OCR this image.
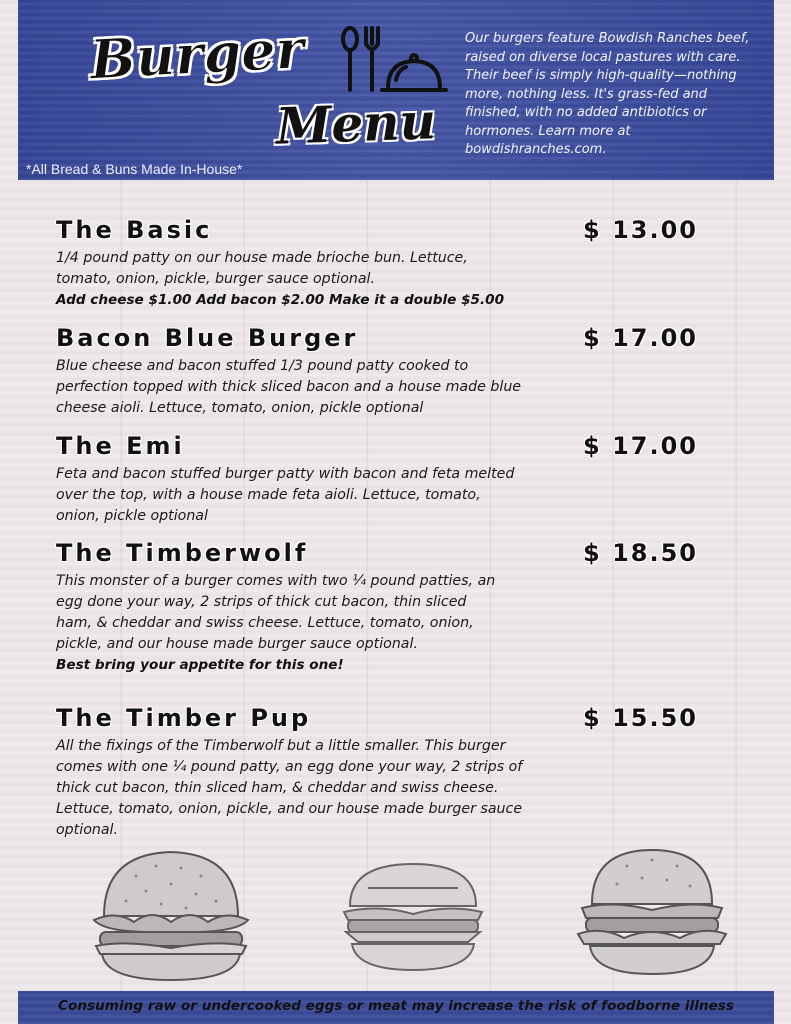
Burger
Menu
Our burgers feature Bowdish Ranches beef, raised on diverse local pastures with care. Their beef is simply high-quality—nothing more, nothing less. It's grass-fed and finished, with no added antibiotics or hormones. Learn more at bowdishranches.com.
*All Bread & Buns Made In-House*
The Basic	$ 13.00
1/4 pound patty on our house made brioche bun. Lettuce, tomato, onion, pickle, burger sauce optional.
Add cheese $1.00 Add bacon $2.00 Make it a double $5.00
Bacon Blue Burger	$ 17.00
Blue cheese and bacon stuffed 1/3 pound patty cooked to perfection topped with thick sliced bacon and a house made blue cheese aioli. Lettuce, tomato, onion, pickle optional
The Emi	$ 17.00
Feta and bacon stuffed burger patty with bacon and feta melted over the top, with a house made feta aioli. Lettuce, tomato, onion, pickle optional
The Timberwolf	$ 18.50
This monster of a burger comes with two ¼ pound patties, an egg done your way, 2 strips of thick cut bacon, thin sliced ham, & cheddar and swiss cheese. Lettuce, tomato, onion, pickle, and our house made burger sauce optional.
Best bring your appetite for this one!
The Timber Pup	$ 15.50
All the fixings of the Timberwolf but a little smaller. This burger comes with one ¼ pound patty, an egg done your way, 2 strips of thick cut bacon, thin sliced ham, & cheddar and swiss cheese. Lettuce, tomato, onion, pickle, and our house made burger sauce optional.
Consuming raw or undercooked eggs or meat may increase the risk of foodborne illness
